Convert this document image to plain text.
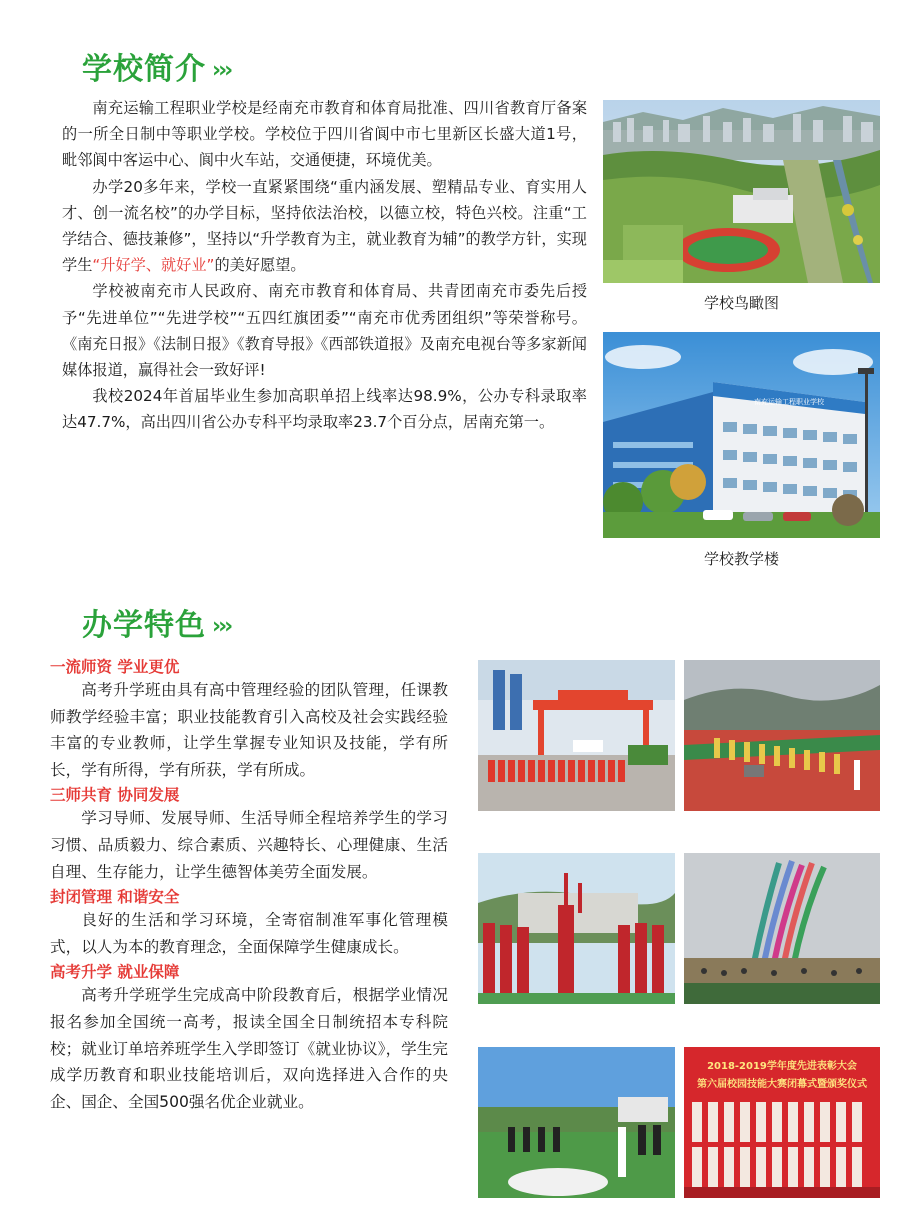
学校简介 ›››

南充运输工程职业学校是经南充市教育和体育局批准、四川省教育厅备案的一所全日制中等职业学校。学校位于四川省阆中市七里新区长盛大道1号，毗邻阆中客运中心、阆中火车站，交通便捷，环境优美。

办学20多年来，学校一直紧紧围绕“重内涵发展、塑精品专业、育实用人才、创一流名校”的办学目标，坚持依法治校，以德立校，特色兴校。注重“工学结合、德技兼修”，坚持以“升学教育为主，就业教育为辅”的教学方针，实现学生“升好学、就好业”的美好愿望。

学校被南充市人民政府、南充市教育和体育局、共青团南充市委先后授予“先进单位”“先进学校”“五四红旗团委”“南充市优秀团组织”等荣誉称号。《南充日报》《法制日报》《教育导报》《西部铁道报》及南充电视台等多家新闻媒体报道，赢得社会一致好评!

我校2024年首届毕业生参加高职单招上线率达98.9%，公办专科录取率达47.7%，高出四川省公办专科平均录取率23.7个百分点，居南充第一。

学校鸟瞰图
南充运输工程职业学校
学校教学楼
办学特色 ›››
一流师资 学业更优

高考升学班由具有高中管理经验的团队管理，任课教师教学经验丰富；职业技能教育引入高校及社会实践经验丰富的专业教师，让学生掌握专业知识及技能，学有所长，学有所得，学有所获，学有所成。

三师共育 协同发展

学习导师、发展导师、生活导师全程培养学生的学习习惯、品质毅力、综合素质、兴趣特长、心理健康、生活自理、生存能力，让学生德智体美劳全面发展。

封闭管理 和谐安全

良好的生活和学习环境，全寄宿制准军事化管理模式，以人为本的教育理念，全面保障学生健康成长。

高考升学 就业保障

高考升学班学生完成高中阶段教育后，根据学业情况报名参加全国统一高考，报读全国全日制统招本专科院校；就业订单培养班学生入学即签订《就业协议》，学生完成学历教育和职业技能培训后，双向选择进入合作的央企、国企、全国500强名优企业就业。

2018-2019学年度先进表彰大会
第六届校园技能大赛闭幕式暨颁奖仪式
